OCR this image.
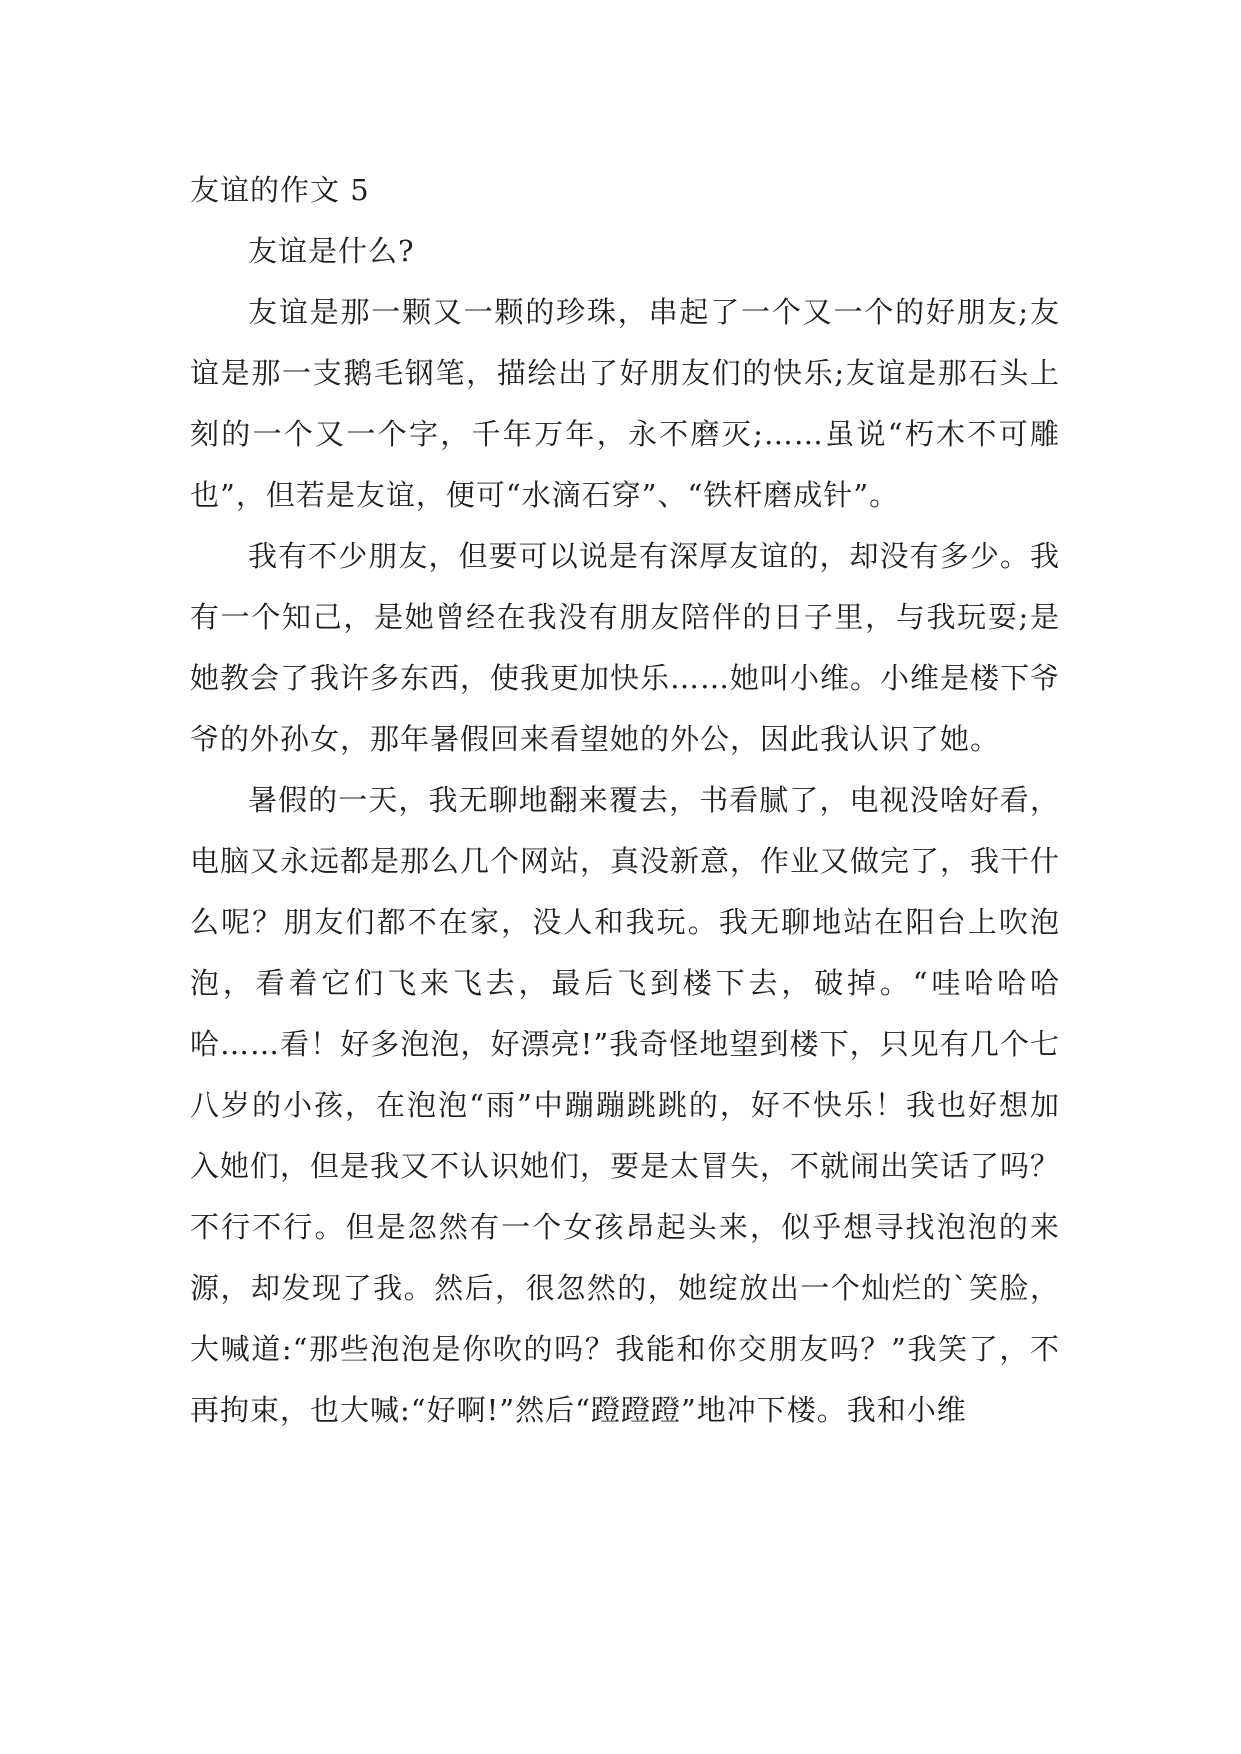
友谊的作文 5

友谊是什么?

友谊是那一颗又一颗的珍珠，串起了一个又一个的好朋友;友谊是那一支鹅毛钢笔，描绘出了好朋友们的快乐;友谊是那石头上刻的一个又一个字，千年万年，永不磨灭;……虽说“朽木不可雕也”，但若是友谊，便可“水滴石穿”、“铁杆磨成针”。

我有不少朋友，但要可以说是有深厚友谊的，却没有多少。我有一个知己，是她曾经在我没有朋友陪伴的日子里，与我玩耍;是她教会了我许多东西，使我更加快乐……她叫小维。小维是楼下爷爷的外孙女，那年暑假回来看望她的外公，因此我认识了她。

暑假的一天，我无聊地翻来覆去，书看腻了，电视没啥好看，电脑又永远都是那么几个网站，真没新意，作业又做完了，我干什么呢？朋友们都不在家，没人和我玩。我无聊地站在阳台上吹泡泡，看着它们飞来飞去，最后飞到楼下去，破掉。“哇哈哈哈哈……看！好多泡泡，好漂亮!”我奇怪地望到楼下，只见有几个七八岁的小孩，在泡泡“雨”中蹦蹦跳跳的，好不快乐！我也好想加入她们，但是我又不认识她们，要是太冒失，不就闹出笑话了吗？不行不行。但是忽然有一个女孩昂起头来，似乎想寻找泡泡的来源，却发现了我。然后，很忽然的，她绽放出一个灿烂的`笑脸，大喊道:“那些泡泡是你吹的吗？我能和你交朋友吗？”我笑了，不再拘束，也大喊:“好啊!”然后“蹬蹬蹬”地冲下楼。我和小维
